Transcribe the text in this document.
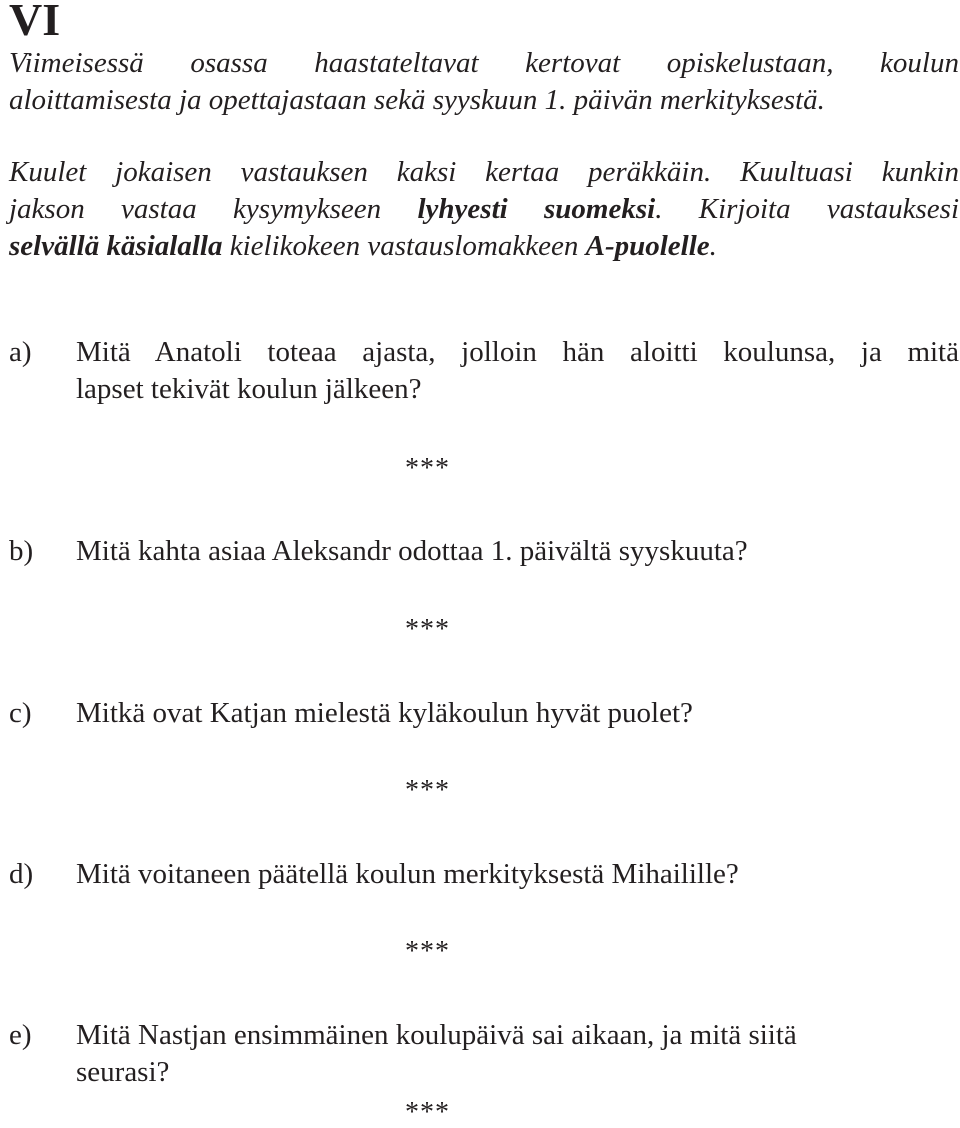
VI

Viimeisessä osassa haastateltavat kertovat opiskelustaan, koulun
aloittamisesta ja opettajastaan sekä syyskuun 1. päivän merkityksestä.

Kuulet jokaisen vastauksen kaksi kertaa peräkkäin. Kuultuasi kunkin
jakson vastaa kysymykseen lyhyesti suomeksi. Kirjoita vastauksesi
selvällä käsialalla kielikokeen vastauslomakkeen A-puolelle.

a) Mitä Anatoli toteaa ajasta, jolloin hän aloitti koulunsa, ja mitä
lapset tekivät koulun jälkeen?
***
b) Mitä kahta asiaa Aleksandr odottaa 1. päivältä syyskuuta?
***
c) Mitkä ovat Katjan mielestä kyläkoulun hyvät puolet?
***
d) Mitä voitaneen päätellä koulun merkityksestä Mihailille?
***
e) Mitä Nastjan ensimmäinen koulupäivä sai aikaan, ja mitä siitä
seurasi?
***
